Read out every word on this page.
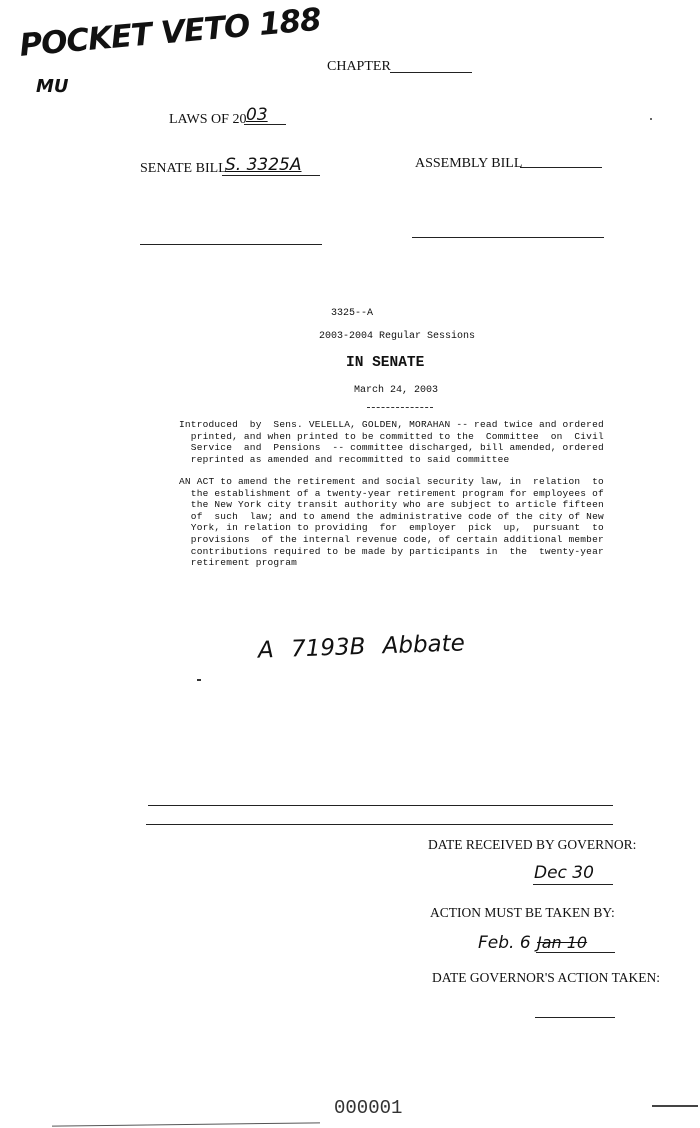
POCKET VETO 188
MU
CHAPTER
LAWS OF 20 03
SENATE BILL
S. 3325A	ASSEMBLY BILL
3325--A
2003-2004 Regular Sessions
IN SENATE
March 24, 2003
Introduced  by  Sens. VELELLA, GOLDEN, MORAHAN -- read twice and ordered
printed, and when printed to be committed to the  Committee  on  Civil
Service  and  Pensions  -- committee discharged, bill amended, ordered
reprinted as amended and recommitted to said committee
AN ACT to amend the retirement and social security law, in  relation  to
the establishment of a twenty-year retirement program for employees of
the New York city transit authority who are subject to article fifteen
of  such  law; and to amend the administrative code of the city of New
York, in relation to providing  for  employer  pick  up,  pursuant  to
provisions  of the internal revenue code, of certain additional member
contributions required to be made by participants in  the  twenty-year
retirement program
A 7193B Abbate
DATE RECEIVED BY GOVERNOR:
Dec 30
ACTION MUST BE TAKEN BY:
Feb. 6 Jan 10
DATE GOVERNOR'S ACTION TAKEN:
000001
